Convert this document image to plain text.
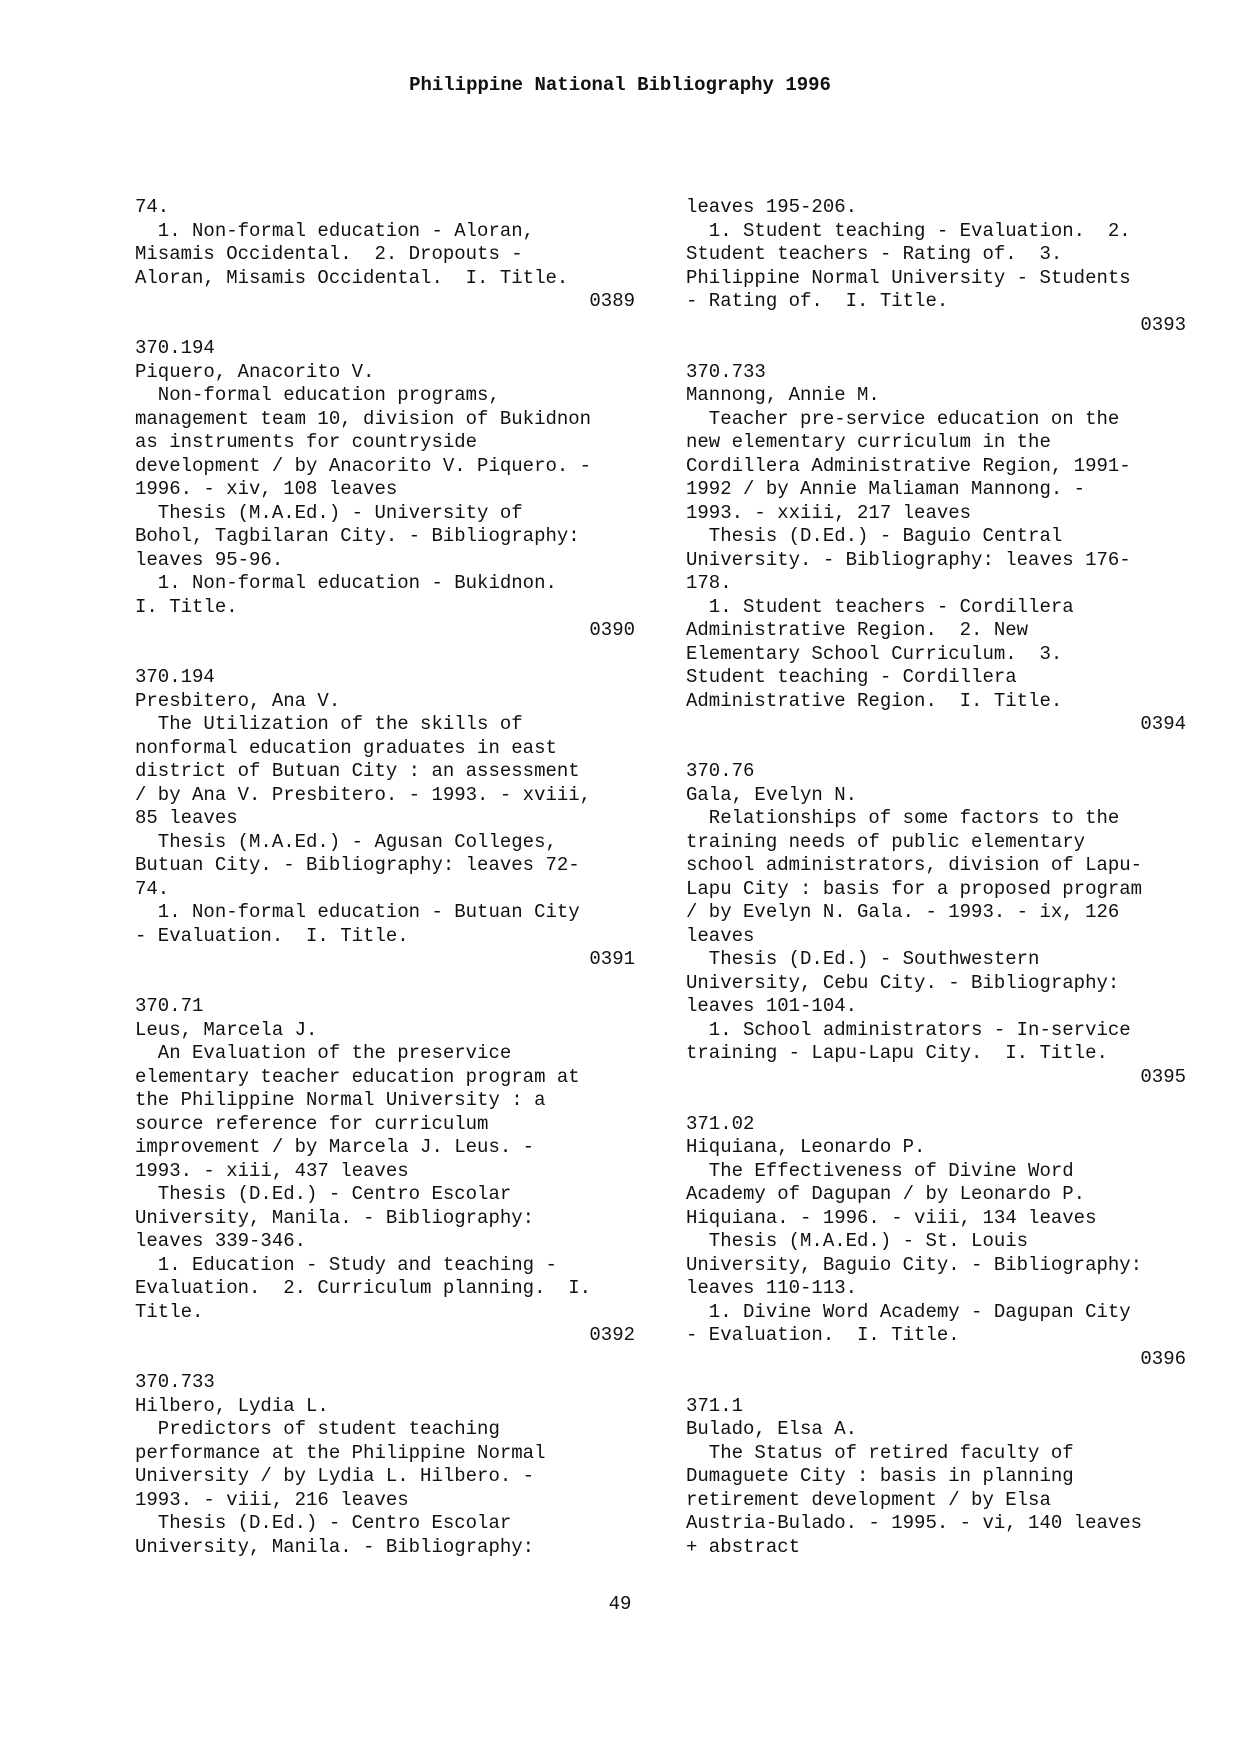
Philippine National Bibliography 1996
74.
1. Non-formal education - Aloran,
Misamis Occidental.  2. Dropouts -
Aloran, Misamis Occidental.  I. Title.
0389
370.194
Piquero, Anacorito V.
Non-formal education programs,
management team 10, division of Bukidnon
as instruments for countryside
development / by Anacorito V. Piquero. -
1996. - xiv, 108 leaves
Thesis (M.A.Ed.) - University of
Bohol, Tagbilaran City. - Bibliography:
leaves 95-96.
1. Non-formal education - Bukidnon.
I. Title.
0390
370.194
Presbitero, Ana V.
The Utilization of the skills of
nonformal education graduates in east
district of Butuan City : an assessment
/ by Ana V. Presbitero. - 1993. - xviii,
85 leaves
Thesis (M.A.Ed.) - Agusan Colleges,
Butuan City. - Bibliography: leaves 72-
74.
1. Non-formal education - Butuan City
- Evaluation.  I. Title.
0391
370.71
Leus, Marcela J.
An Evaluation of the preservice
elementary teacher education program at
the Philippine Normal University : a
source reference for curriculum
improvement / by Marcela J. Leus. -
1993. - xiii, 437 leaves
Thesis (D.Ed.) - Centro Escolar
University, Manila. - Bibliography:
leaves 339-346.
1. Education - Study and teaching -
Evaluation.  2. Curriculum planning.  I.
Title.
0392
370.733
Hilbero, Lydia L.
Predictors of student teaching
performance at the Philippine Normal
University / by Lydia L. Hilbero. -
1993. - viii, 216 leaves
Thesis (D.Ed.) - Centro Escolar
University, Manila. - Bibliography:
leaves 195-206.
1. Student teaching - Evaluation.  2.
Student teachers - Rating of.  3.
Philippine Normal University - Students
- Rating of.  I. Title.
0393
370.733
Mannong, Annie M.
Teacher pre-service education on the
new elementary curriculum in the
Cordillera Administrative Region, 1991-
1992 / by Annie Maliaman Mannong. -
1993. - xxiii, 217 leaves
Thesis (D.Ed.) - Baguio Central
University. - Bibliography: leaves 176-
178.
1. Student teachers - Cordillera
Administrative Region.  2. New
Elementary School Curriculum.  3.
Student teaching - Cordillera
Administrative Region.  I. Title.
0394
370.76
Gala, Evelyn N.
Relationships of some factors to the
training needs of public elementary
school administrators, division of Lapu-
Lapu City : basis for a proposed program
/ by Evelyn N. Gala. - 1993. - ix, 126
leaves
Thesis (D.Ed.) - Southwestern
University, Cebu City. - Bibliography:
leaves 101-104.
1. School administrators - In-service
training - Lapu-Lapu City.  I. Title.
0395
371.02
Hiquiana, Leonardo P.
The Effectiveness of Divine Word
Academy of Dagupan / by Leonardo P.
Hiquiana. - 1996. - viii, 134 leaves
Thesis (M.A.Ed.) - St. Louis
University, Baguio City. - Bibliography:
leaves 110-113.
1. Divine Word Academy - Dagupan City
- Evaluation.  I. Title.
0396
371.1
Bulado, Elsa A.
The Status of retired faculty of
Dumaguete City : basis in planning
retirement development / by Elsa
Austria-Bulado. - 1995. - vi, 140 leaves
+ abstract
49
